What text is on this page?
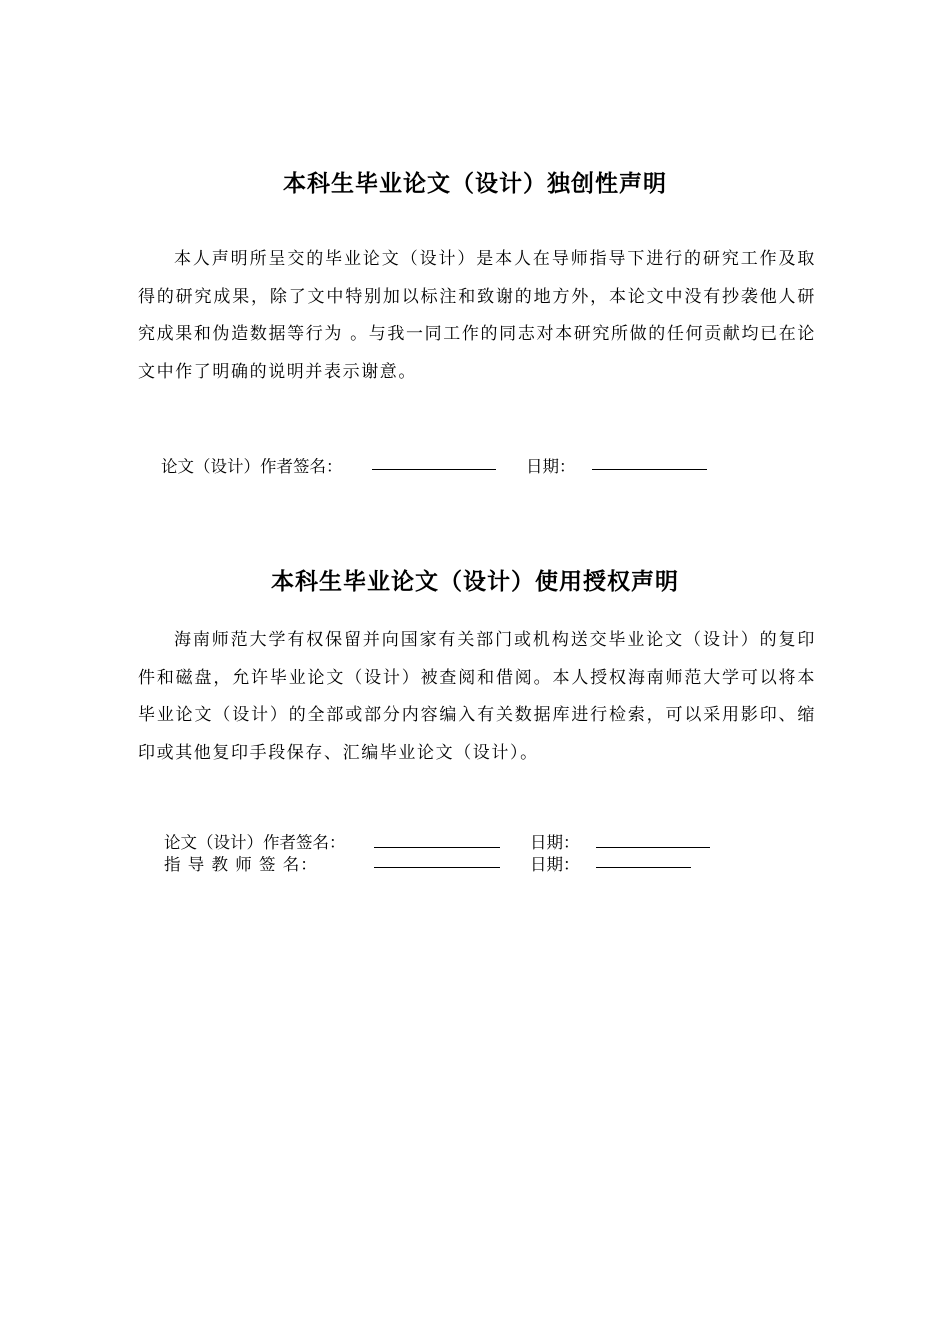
本科生毕业论文（设计）独创性声明

本人声明所呈交的毕业论文（设计）是本人在导师指导下进行的研究工作及取得的研究成果，除了文中特别加以标注和致谢的地方外，本论文中没有抄袭他人研究成果和伪造数据等行为 。与我一同工作的同志对本研究所做的任何贡献均已在论文中作了明确的说明并表示谢意。

论文（设计）作者签名：	日期：
本科生毕业论文（设计）使用授权声明

海南师范大学有权保留并向国家有关部门或机构送交毕业论文（设计）的复印件和磁盘，允许毕业论文（设计）被查阅和借阅。本人授权海南师范大学可以将本毕业论文（设计）的全部或部分内容编入有关数据库进行检索，可以采用影印、缩印或其他复印手段保存、汇编毕业论文（设计）。

论文（设计）作者签名：	日期：
指 导 教 师 签 名：	日期：
